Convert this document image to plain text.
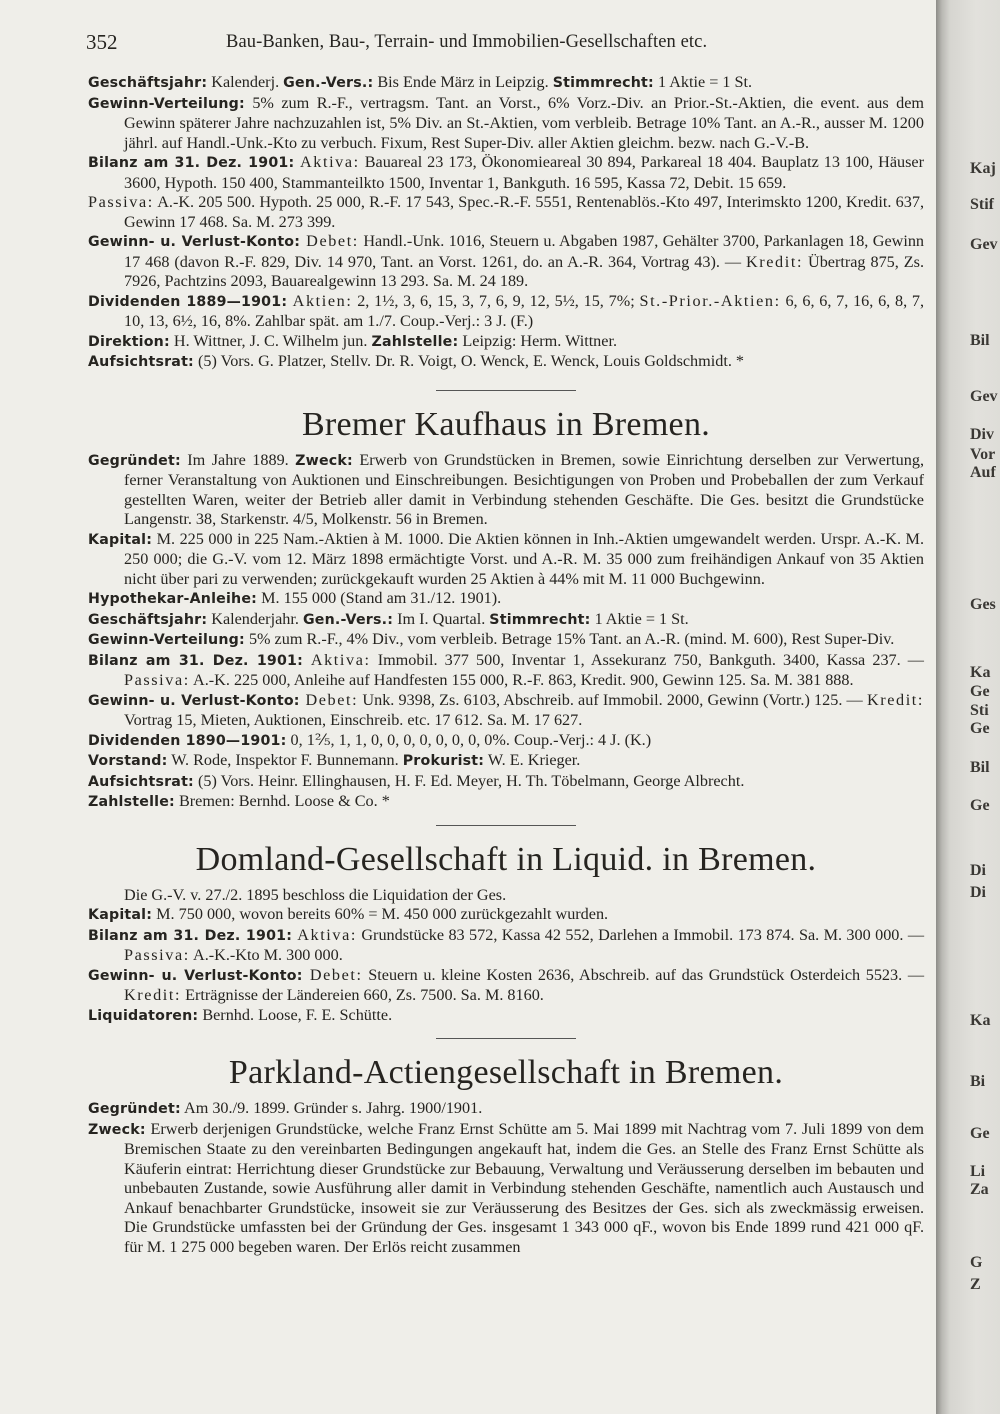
352	Bau-Banken, Bau-, Terrain- und Immobilien-Gesellschaften etc.

Geschäftsjahr: Kalenderj. Gen.-Vers.: Bis Ende März in Leipzig. Stimmrecht: 1 Aktie = 1 St.

Gewinn-Verteilung: 5% zum R.-F., vertragsm. Tant. an Vorst., 6% Vorz.-Div. an Prior.-St.-Aktien, die event. aus dem Gewinn späterer Jahre nachzuzahlen ist, 5% Div. an St.-Aktien, vom verbleib. Betrage 10% Tant. an A.-R., ausser M. 1200 jährl. auf Handl.-Unk.-Kto zu verbuch. Fixum, Rest Super-Div. aller Aktien gleichm. bezw. nach G.-V.-B.

Bilanz am 31. Dez. 1901: Aktiva: Bauareal 23 173, Ökonomieareal 30 894, Parkareal 18 404. Bauplatz 13 100, Häuser 3600, Hypoth. 150 400, Stammanteilkto 1500, Inventar 1, Bankguth. 16 595, Kassa 72, Debit. 15 659.

Passiva: A.-K. 205 500. Hypoth. 25 000, R.-F. 17 543, Spec.-R.-F. 5551, Rentenablös.-Kto 497, Interimskto 1200, Kredit. 637, Gewinn 17 468. Sa. M. 273 399.

Gewinn- u. Verlust-Konto: Debet: Handl.-Unk. 1016, Steuern u. Abgaben 1987, Gehälter 3700, Parkanlagen 18, Gewinn 17 468 (davon R.-F. 829, Div. 14 970, Tant. an Vorst. 1261, do. an A.-R. 364, Vortrag 43). — Kredit: Übertrag 875, Zs. 7926, Pachtzins 2093, Bauarealgewinn 13 293. Sa. M. 24 189.

Dividenden 1889—1901: Aktien: 2, 1½, 3, 6, 15, 3, 7, 6, 9, 12, 5½, 15, 7%; St.-Prior.-Aktien: 6, 6, 6, 7, 16, 6, 8, 7, 10, 13, 6½, 16, 8%. Zahlbar spät. am 1./7. Coup.-Verj.: 3 J. (F.)

Direktion: H. Wittner, J. C. Wilhelm jun. Zahlstelle: Leipzig: Herm. Wittner.

Aufsichtsrat: (5) Vors. G. Platzer, Stellv. Dr. R. Voigt, O. Wenck, E. Wenck, Louis Goldschmidt. *

Bremer Kaufhaus in Bremen.

Gegründet: Im Jahre 1889. Zweck: Erwerb von Grundstücken in Bremen, sowie Einrichtung derselben zur Verwertung, ferner Veranstaltung von Auktionen und Einschreibungen. Besichtigungen von Proben und Probeballen der zum Verkauf gestellten Waren, weiter der Betrieb aller damit in Verbindung stehenden Geschäfte. Die Ges. besitzt die Grundstücke Langenstr. 38, Starkenstr. 4/5, Molkenstr. 56 in Bremen.

Kapital: M. 225 000 in 225 Nam.-Aktien à M. 1000. Die Aktien können in Inh.-Aktien umgewandelt werden. Urspr. A.-K. M. 250 000; die G.-V. vom 12. März 1898 ermächtigte Vorst. und A.-R. M. 35 000 zum freihändigen Ankauf von 35 Aktien nicht über pari zu verwenden; zurückgekauft wurden 25 Aktien à 44% mit M. 11 000 Buchgewinn.

Hypothekar-Anleihe: M. 155 000 (Stand am 31./12. 1901).

Geschäftsjahr: Kalenderjahr. Gen.-Vers.: Im I. Quartal. Stimmrecht: 1 Aktie = 1 St.

Gewinn-Verteilung: 5% zum R.-F., 4% Div., vom verbleib. Betrage 15% Tant. an A.-R. (mind. M. 600), Rest Super-Div.

Bilanz am 31. Dez. 1901: Aktiva: Immobil. 377 500, Inventar 1, Assekuranz 750, Bankguth. 3400, Kassa 237. — Passiva: A.-K. 225 000, Anleihe auf Handfesten 155 000, R.-F. 863, Kredit. 900, Gewinn 125. Sa. M. 381 888.

Gewinn- u. Verlust-Konto: Debet: Unk. 9398, Zs. 6103, Abschreib. auf Immobil. 2000, Gewinn (Vortr.) 125. — Kredit: Vortrag 15, Mieten, Auktionen, Einschreib. etc. 17 612. Sa. M. 17 627.

Dividenden 1890—1901: 0, 1⅖, 1, 1, 0, 0, 0, 0, 0, 0, 0, 0%. Coup.-Verj.: 4 J. (K.)

Vorstand: W. Rode, Inspektor F. Bunnemann. Prokurist: W. E. Krieger.

Aufsichtsrat: (5) Vors. Heinr. Ellinghausen, H. F. Ed. Meyer, H. Th. Töbelmann, George Albrecht.

Zahlstelle: Bremen: Bernhd. Loose & Co. *

Domland-Gesellschaft in Liquid. in Bremen.

Die G.-V. v. 27./2. 1895 beschloss die Liquidation der Ges.

Kapital: M. 750 000, wovon bereits 60% = M. 450 000 zurückgezahlt wurden.

Bilanz am 31. Dez. 1901: Aktiva: Grundstücke 83 572, Kassa 42 552, Darlehen a Immobil. 173 874. Sa. M. 300 000. — Passiva: A.-K.-Kto M. 300 000.

Gewinn- u. Verlust-Konto: Debet: Steuern u. kleine Kosten 2636, Abschreib. auf das Grundstück Osterdeich 5523. — Kredit: Erträgnisse der Ländereien 660, Zs. 7500. Sa. M. 8160.

Liquidatoren: Bernhd. Loose, F. E. Schütte.

Parkland-Actiengesellschaft in Bremen.

Gegründet: Am 30./9. 1899. Gründer s. Jahrg. 1900/1901.

Zweck: Erwerb derjenigen Grundstücke, welche Franz Ernst Schütte am 5. Mai 1899 mit Nachtrag vom 7. Juli 1899 von dem Bremischen Staate zu den vereinbarten Bedingungen angekauft hat, indem die Ges. an Stelle des Franz Ernst Schütte als Käuferin eintrat: Herrichtung dieser Grundstücke zur Bebauung, Verwaltung und Veräusserung derselben im bebauten und unbebauten Zustande, sowie Ausführung aller damit in Verbindung stehenden Geschäfte, namentlich auch Austausch und Ankauf benachbarter Grundstücke, insoweit sie zur Veräusserung des Besitzes der Ges. sich als zweckmässig erweisen. Die Grundstücke umfassten bei der Gründung der Ges. insgesamt 1 343 000 qF., wovon bis Ende 1899 rund 421 000 qF. für M. 1 275 000 begeben waren. Der Erlös reicht zusammen

Kaj
Stif
Gev
Bil
Gev
Div
Vor
Auf
Ges
Ka
Ge
Sti
Ge
Bil
Ge
Di
Di
Ka
Bi
Ge
Li
Za
G
Z
